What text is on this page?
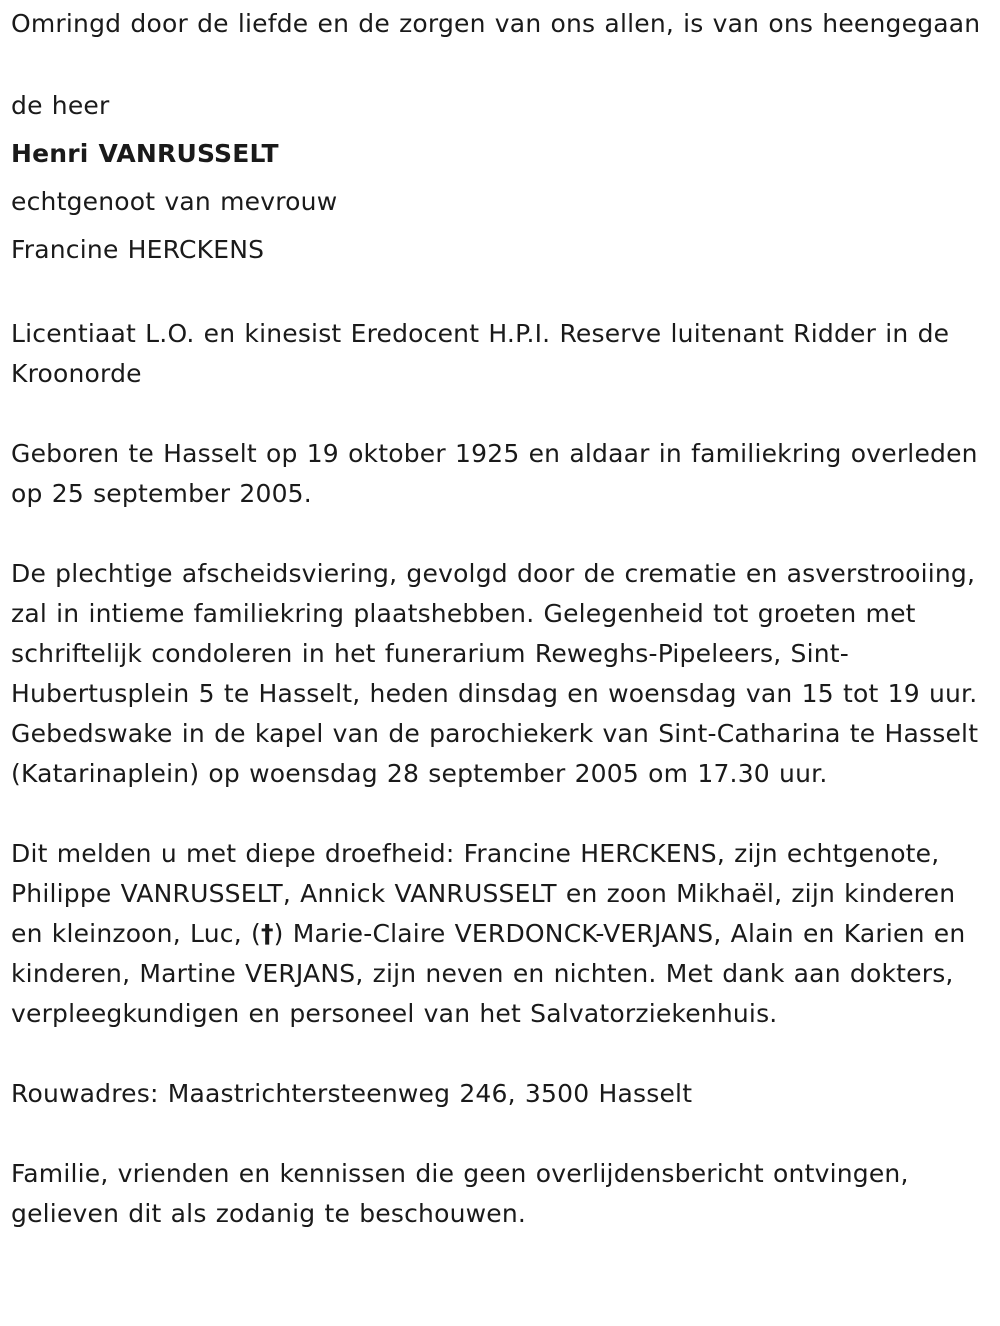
Omringd door de liefde en de zorgen van ons allen, is van ons heengegaan

de heer

Henri VANRUSSELT

echtgenoot van mevrouw

Francine HERCKENS

Licentiaat L.O. en kinesist Eredocent H.P.I. Reserve luitenant Ridder in de Kroonorde

Geboren te Hasselt op 19 oktober 1925 en aldaar in familiekring overleden op 25 september 2005.

De plechtige afscheidsviering, gevolgd door de crematie en asverstrooiing, zal in intieme familiekring plaatshebben. Gelegenheid tot groeten met schriftelijk condoleren in het funerarium Reweghs-Pipeleers, Sint-Hubertusplein 5 te Hasselt, heden dinsdag en woensdag van 15 tot 19 uur. Gebedswake in de kapel van de parochiekerk van Sint-Catharina te Hasselt (Katarinaplein) op woensdag 28 september 2005 om 17.30 uur.

Dit melden u met diepe droefheid: Francine HERCKENS, zijn echtgenote, Philippe VANRUSSELT, Annick VANRUSSELT en zoon Mikhaël, zijn kinderen en kleinzoon, Luc, (†) Marie-Claire VERDONCK-VERJANS, Alain en Karien en kinderen, Martine VERJANS, zijn neven en nichten. Met dank aan dokters, verpleegkundigen en personeel van het Salvatorziekenhuis.

Rouwadres: Maastrichtersteenweg 246, 3500 Hasselt

Familie, vrienden en kennissen die geen overlijdensbericht ontvingen, gelieven dit als zodanig te beschouwen.
